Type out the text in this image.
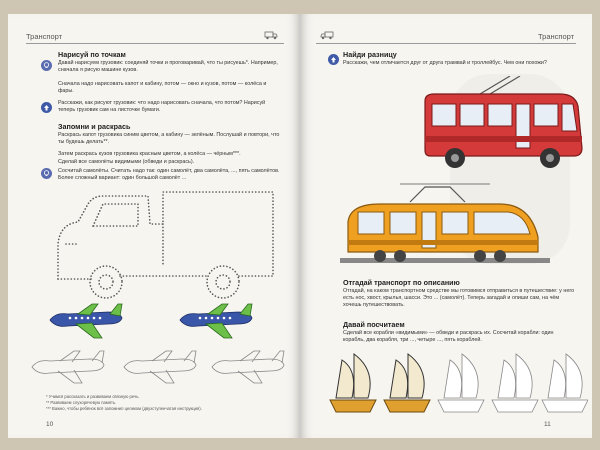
Транспорт
Нарисуй по точкам
Давай нарисуем грузовик: соединяй точки и проговаривай, что ты рисуешь*. Например, сначала я рисую машине кузов.
Сначала надо нарисовать капот и кабину, потом — окно и кузов, потом — колёса и фары.
Расскажи, как рисуют грузовик: что надо нарисовать сначала, что потом? Нарисуй теперь грузовик сам на листочке бумаги.
Запомни и раскрась
Раскрась капот грузовика синим цветом, а кабину — зелёным. Послушай и повтори, что ты будешь делать**.
Затем раскрась кузов грузовика красным цветом, а колёса — чёрным***.
Сделай все самолёты видимыми (обведи и раскрась).
Сосчитай самолёты. Считать надо так: один самолёт, два самолёта, ..., пять самолётов. Более сложный вариант: один большой самолёт ...
* Учимся рассказать и развиваем связную речь.
** Развиваем слухоречевую память.
*** Важно, чтобы ребёнок всё запомнил целиком (двухступенчатая инструкция).
10
Транспорт
Найди разницу
Расскажи, чем отличается друг от друга трамвай и троллейбус. Чем они похожи?
Отгадай транспорт по описанию
Отгадай, на каком транспортном средстве мы готовимся отправиться в путешествие: у него есть нос, хвост, крылья, шасси. Это ... (самолёт). Теперь загадай и опиши сам, на чём хочешь путешествовать.
Давай посчитаем
Сделай все корабли «видимыми» — обведи и раскрась их. Сосчитай корабли: один корабль, два корабля, три ..., четыре ..., пять кораблей.
11
